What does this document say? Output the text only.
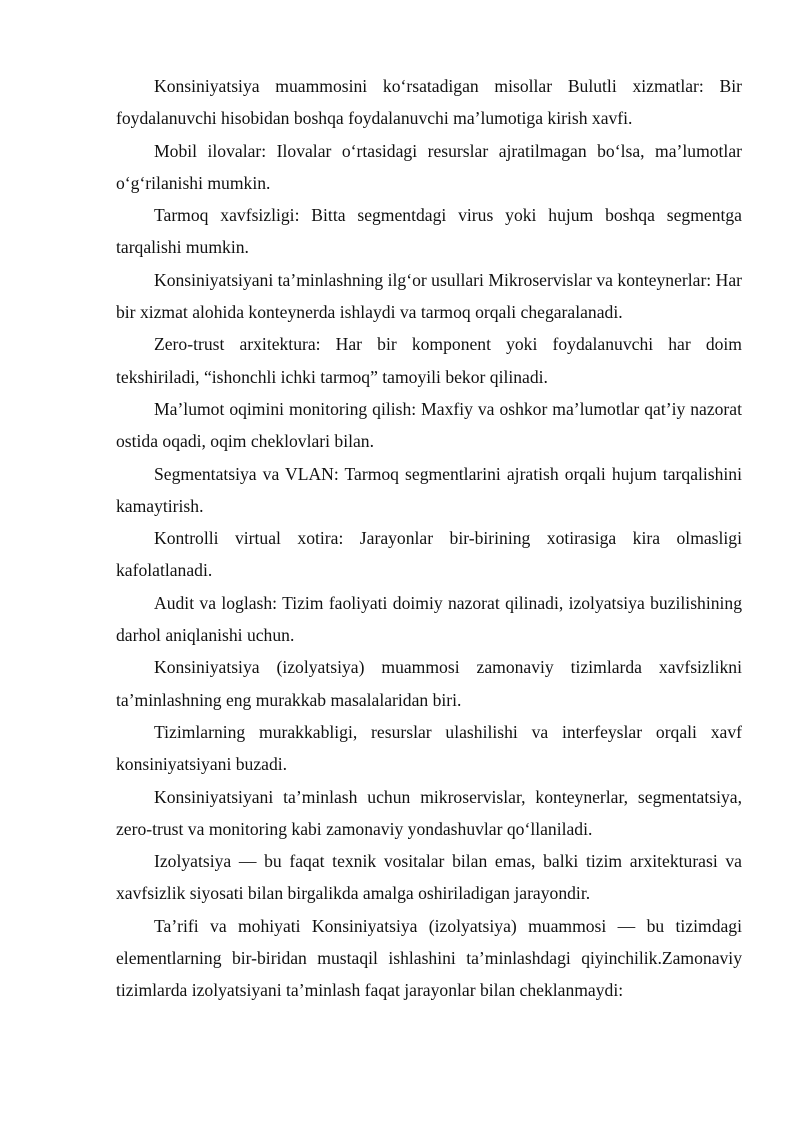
Konsiniyatsiya muammosini ko‘rsatadigan misollar Bulutli xizmatlar: Bir foydalanuvchi hisobidan boshqa foydalanuvchi ma’lumotiga kirish xavfi.

Mobil ilovalar: Ilovalar o‘rtasidagi resurslar ajratilmagan bo‘lsa, ma’lumotlar o‘g‘rilanishi mumkin.

Tarmoq xavfsizligi: Bitta segmentdagi virus yoki hujum boshqa segmentga tarqalishi mumkin.

Konsiniyatsiyani ta’minlashning ilg‘or usullari Mikroservislar va konteynerlar: Har bir xizmat alohida konteynerda ishlaydi va tarmoq orqali chegaralanadi.

Zero-trust arxitektura: Har bir komponent yoki foydalanuvchi har doim tekshiriladi, “ishonchli ichki tarmoq” tamoyili bekor qilinadi.

Ma’lumot oqimini monitoring qilish: Maxfiy va oshkor ma’lumotlar qat’iy nazorat ostida oqadi, oqim cheklovlari bilan.

Segmentatsiya va VLAN: Tarmoq segmentlarini ajratish orqali hujum tarqalishini kamaytirish.

Kontrolli virtual xotira: Jarayonlar bir-birining xotirasiga kira olmasligi kafolatlanadi.

Audit va loglash: Tizim faoliyati doimiy nazorat qilinadi, izolyatsiya buzilishining darhol aniqlanishi uchun.

Konsiniyatsiya (izolyatsiya) muammosi zamonaviy tizimlarda xavfsizlikni ta’minlashning eng murakkab masalalaridan biri.

Tizimlarning murakkabligi, resurslar ulashilishi va interfeyslar orqali xavf konsiniyatsiyani buzadi.

Konsiniyatsiyani ta’minlash uchun mikroservislar, konteynerlar, segmentatsiya, zero-trust va monitoring kabi zamonaviy yondashuvlar qo‘llaniladi.

Izolyatsiya — bu faqat texnik vositalar bilan emas, balki tizim arxitekturasi va xavfsizlik siyosati bilan birgalikda amalga oshiriladigan jarayondir.

Ta’rifi va mohiyati Konsiniyatsiya (izolyatsiya) muammosi — bu tizimdagi elementlarning bir-biridan mustaqil ishlashini ta’minlashdagi qiyinchilik.Zamonaviy tizimlarda izolyatsiyani ta’minlash faqat jarayonlar bilan cheklanmaydi:
